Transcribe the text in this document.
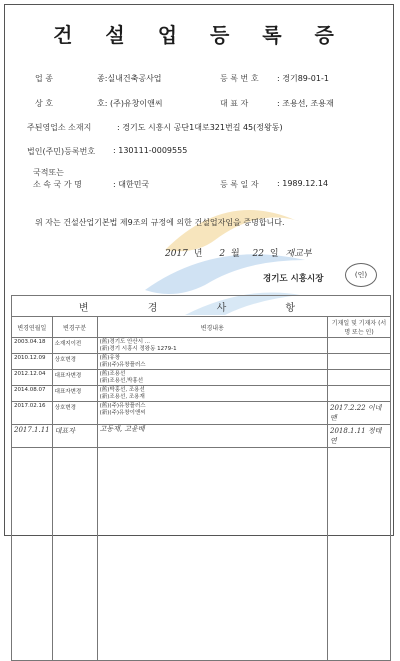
건 설 업 등 록 증
업 종	종:실내건축공사업	등 록 번 호 : 경기89-01-1
상 호	호: (주)유창이앤씨	대 표 자	: 조용선, 조용재
주된영업소 소재지	: 경기도 시흥시 공단1대로321번길 45(정왕동)
법인(주민)등록번호 : 130111-0009555
국적또는
소 속 국 가 명	: 대한민국	등 록 일 자 : 1989.12.14
위 자는 건설산업기본법 제9조의 규정에 의한 건설업자임을 증명합니다.
2017 년 2 월 22 일 재교부
경기도 시흥시장	(인)
변 경 사 항			
변경연월일	변경구분	변경내용	기재일 및 기재자 (서명 또는 인)
2003.04.18	소재지이전	(舊)경기도 안산시 ...
(新)경기 시흥시 정왕동 1279-1	

2010.12.09	상호변경	(舊)유창
(新)(주)유창플러스	

2012.12.04	대표자변경	(舊)조용선
(新)조용선,박홍선	

2014.08.07	대표자변경	(舊)박홍선, 조용선
(新)조용선, 조용재	

2017.02.16	상호변경	(舊)(주)유창플러스
(新)(주)유창이앤씨	2017.2.22 이네맨
2017.1.11	대표자	고동재, 고윤배	2018.1.11 정태연
